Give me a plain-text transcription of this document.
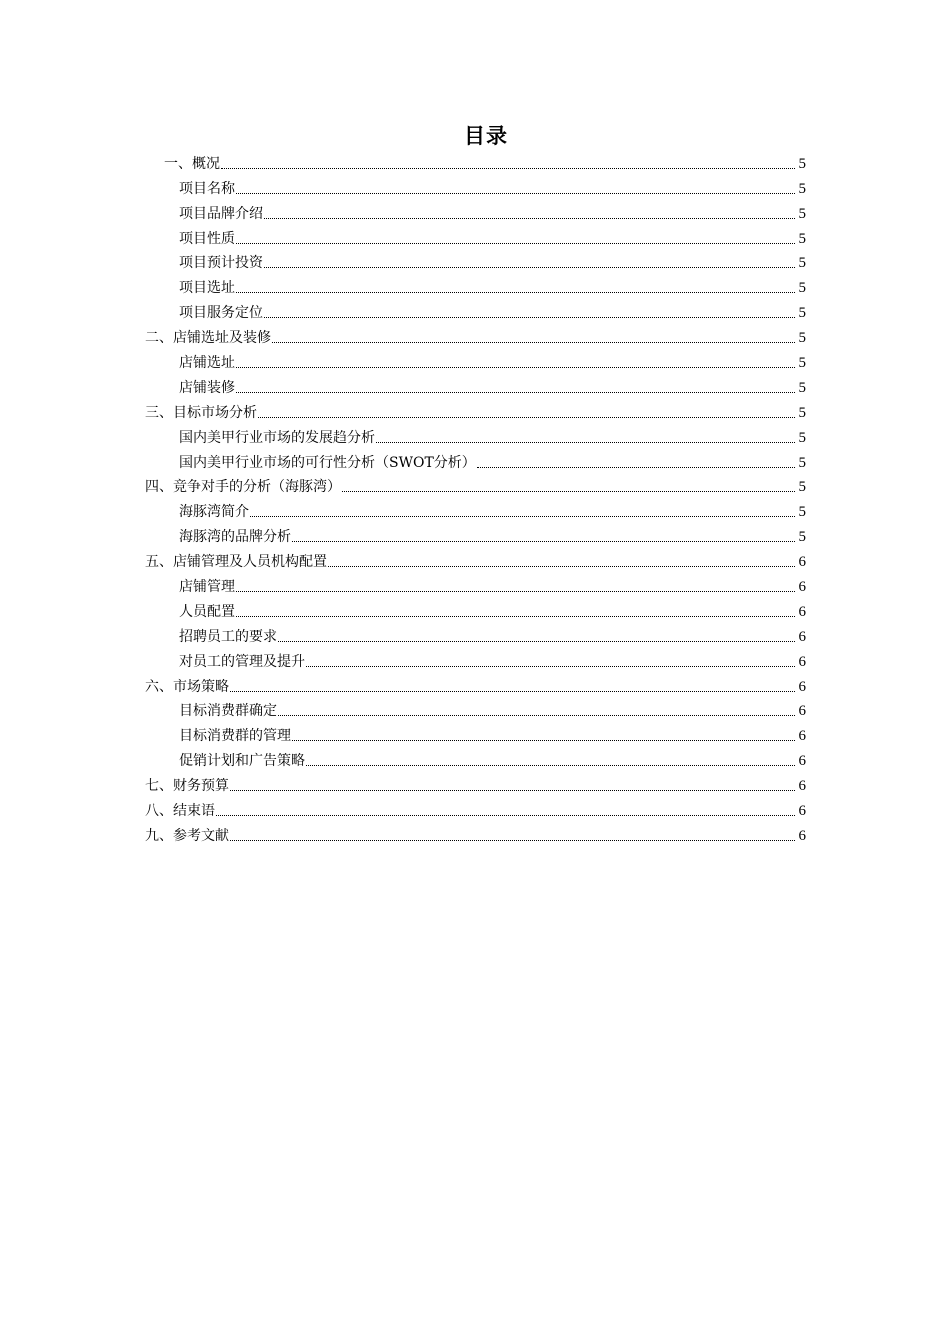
目录
一、概况	5
项目名称	5
项目品牌介绍	5
项目性质	5
项目预计投资	5
项目选址	5
项目服务定位	5
二、店铺选址及装修	5
店铺选址	5
店铺装修	5
三、目标市场分析	5
国内美甲行业市场的发展趋分析	5
国内美甲行业市场的可行性分析（SWOT分析）	5
四、竞争对手的分析（海豚湾）	5
海豚湾简介	5
海豚湾的品牌分析	5
五、店铺管理及人员机构配置	6
店铺管理	6
人员配置	6
招聘员工的要求	6
对员工的管理及提升	6
六、市场策略	6
目标消费群确定	6
目标消费群的管理	6
促销计划和广告策略	6
七、财务预算	6
八、结束语	6
九、参考文献	6
